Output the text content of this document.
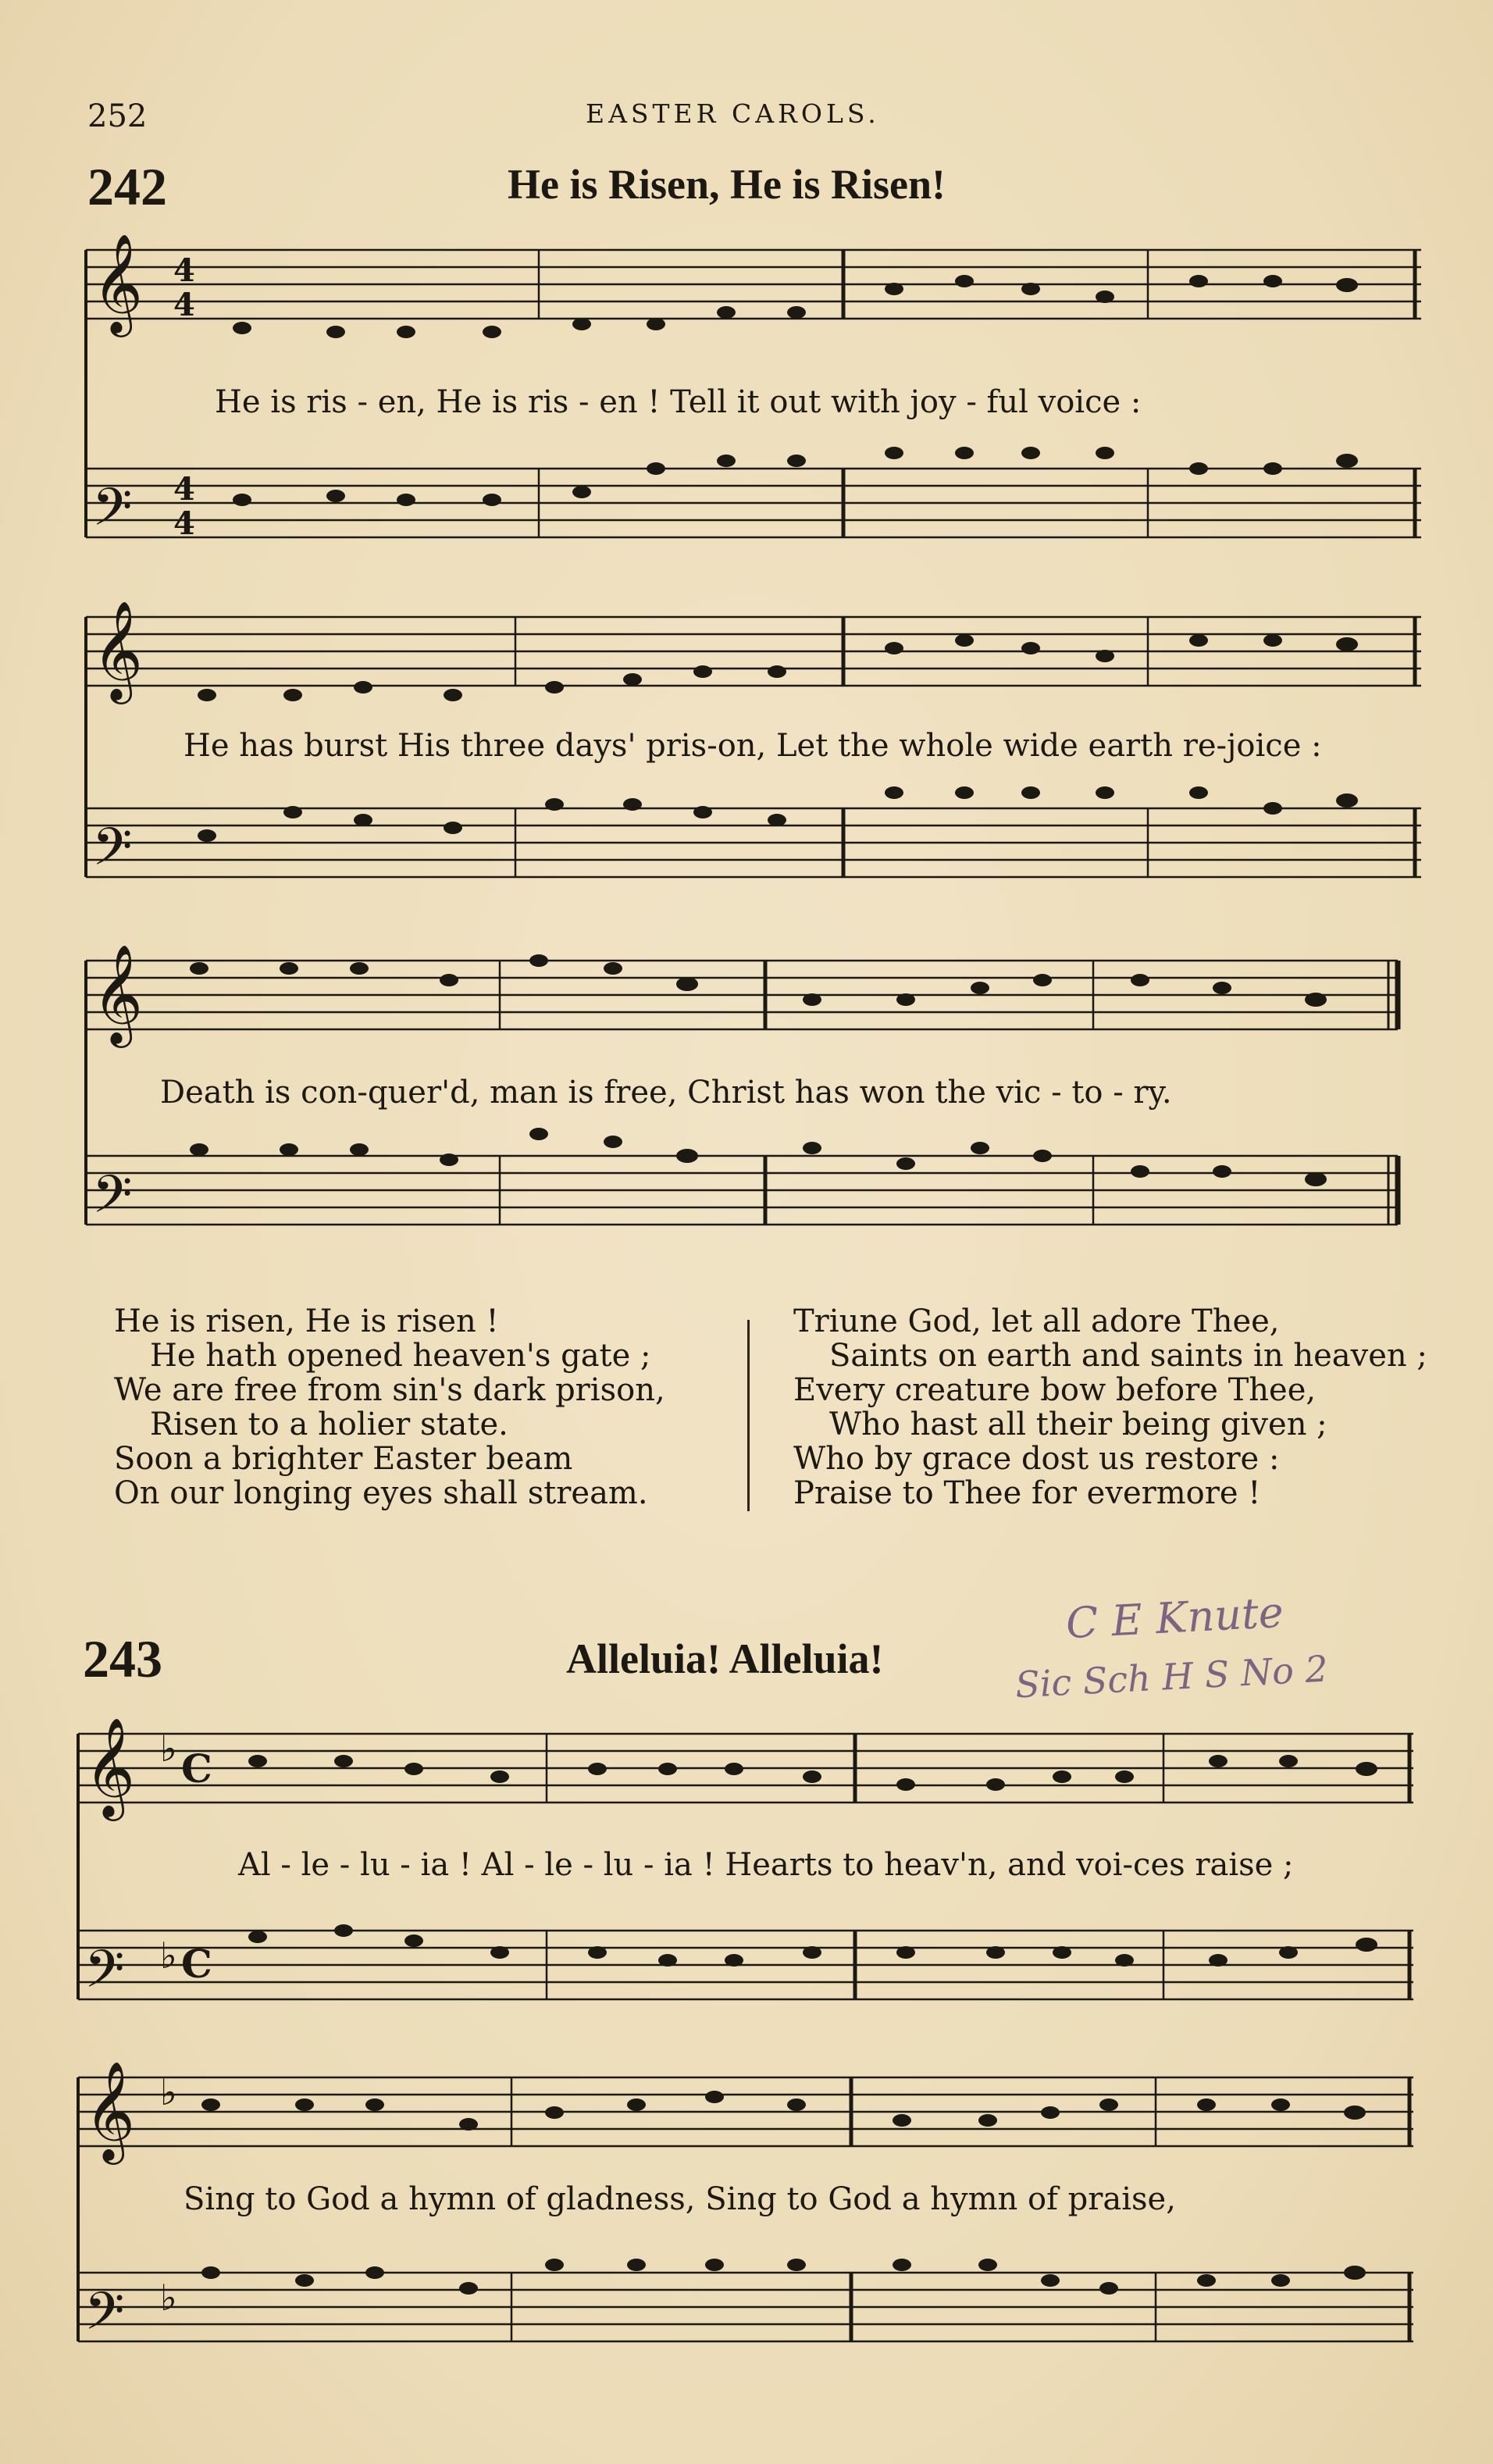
252	EASTER CAROLS.
242	He is Risen, He is Risen!
𝄞
𝄢
4
4
4
4
He is ris - en, He is ris - en ! Tell it out with joy - ful voice :
𝄞
𝄢
He has burst His three days' pris-on, Let the whole wide earth re-joice :
𝄞
𝄢
Death is con-quer'd, man is free, Christ has won the vic - to - ry.
He is risen, He is risen !
He hath opened heaven's gate ;
We are free from sin's dark prison,
Risen to a holier state.
Soon a brighter Easter beam
On our longing eyes shall stream.
Triune God, let all adore Thee,
Saints on earth and saints in heaven ;
Every creature bow before Thee,
Who hast all their being given ;
Who by grace dost us restore :
Praise to Thee for evermore !
243	Alleluia! Alleluia!
C E Knute
Sic Sch H S No 2
𝄞
𝄢
♭
♭
C
C
Al - le - lu - ia ! Al - le - lu - ia ! Hearts to heav'n, and voi-ces raise ;
𝄞
𝄢
♭
♭
Sing to God a hymn of gladness, Sing to God a hymn of praise,
